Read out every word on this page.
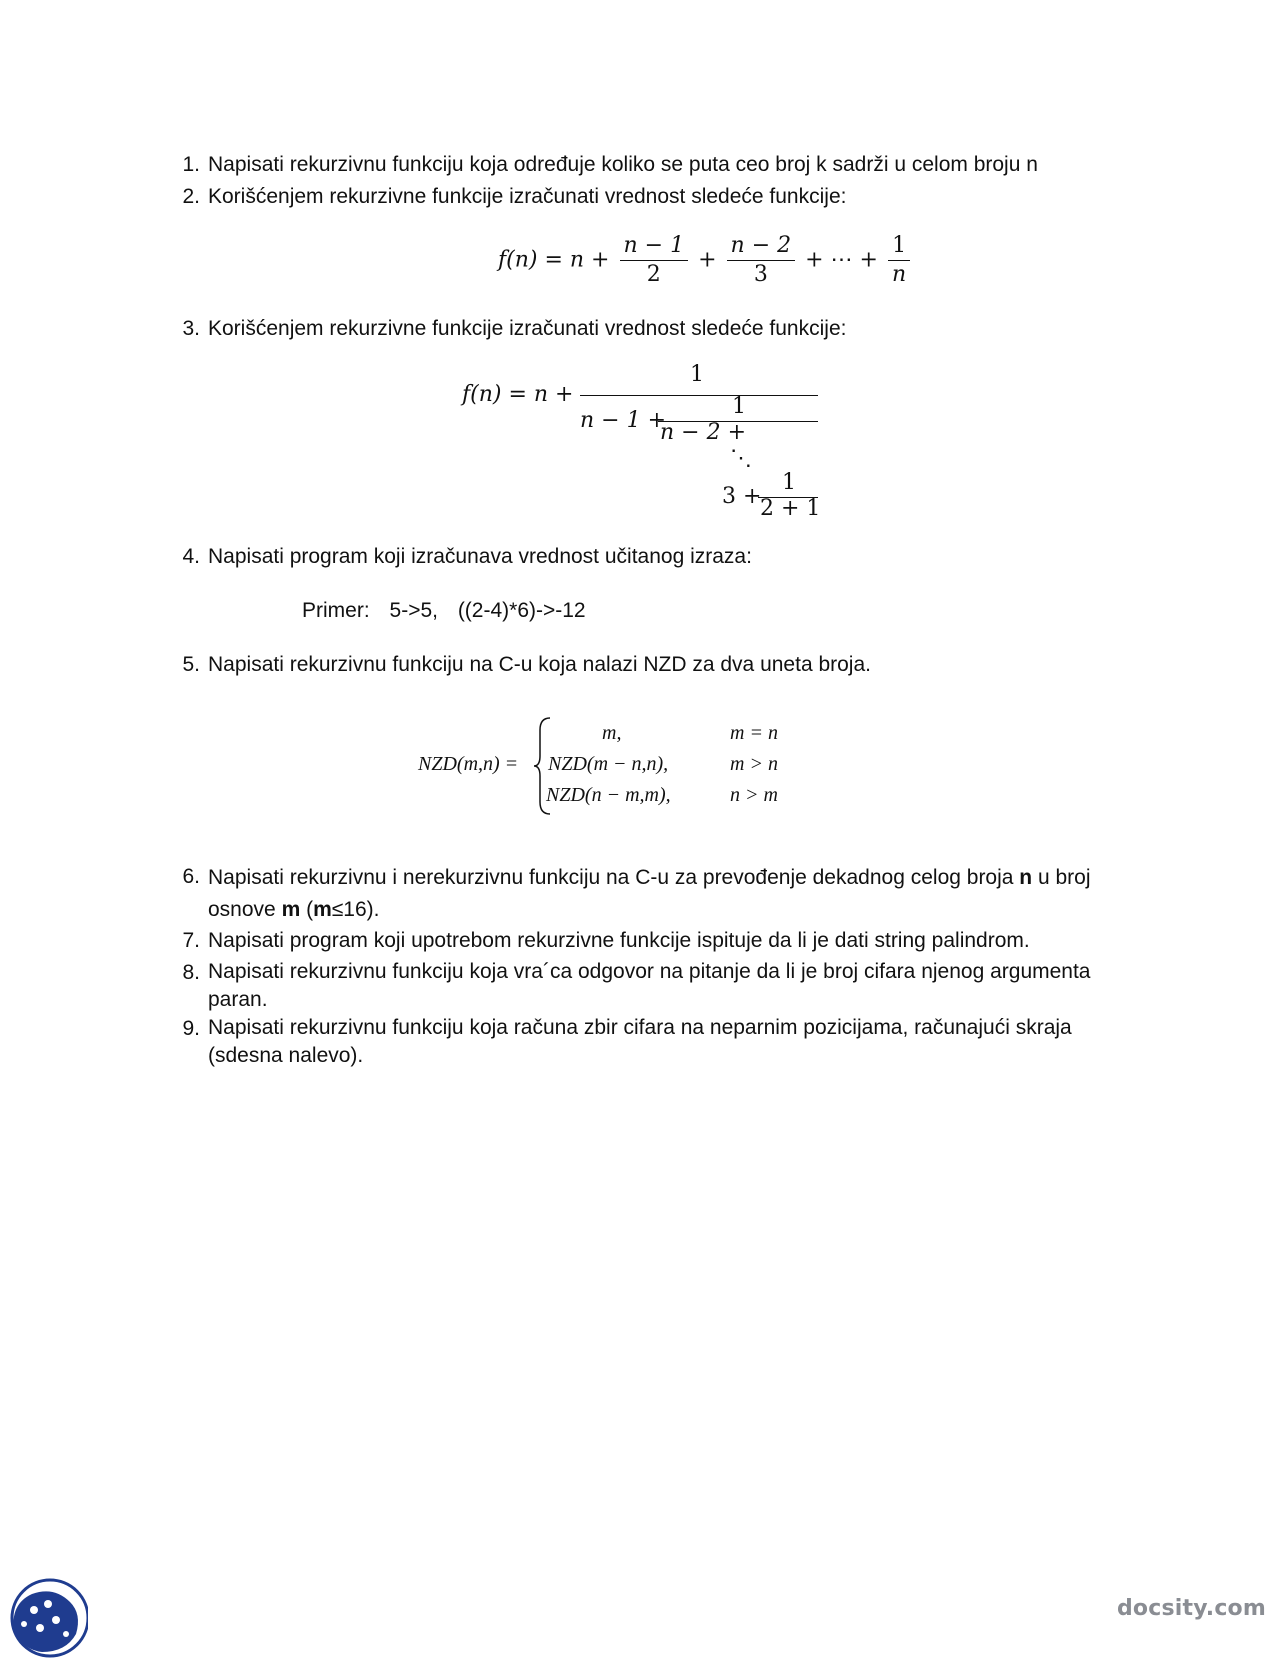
1. Napisati rekurzivnu funkciju koja određuje koliko se puta ceo broj k sadrži u celom broju n
2. Korišćenjem rekurzivne funkcije izračunati vrednost sledeće funkcije:
$f(n) = n + \frac{n - 1}{2} + \frac{n - 2}{3}$ + ⋯ + $\frac{1}{n}$
3. Korišćenjem rekurzivne funkcije izračunati vrednost sledeće funkcije:
f(n) = n +
1
n − 1 +
1
n − 2 +
⋱
3 +
1
2 + 1
4. Napisati program koji izračunava vrednost učitanog izraza:
Primer: 5->5, ((2-4)*6)->-12
5. Napisati rekurzivnu funkciju na C-u koja nalazi NZD za dva uneta broja.
NZD(m,n) =
m,	m = n
NZD(m − n,n),	m > n
NZD(n − m,m),	n > m
6. Napisati rekurzivnu i nerekurzivnu funkciju na C-u za prevođenje dekadnog celog broja n u broj
osnove m (m≤16).
7. Napisati program koji upotrebom rekurzivne funkcije ispituje da li je dati string palindrom.
8. Napisati rekurzivnu funkciju koja vra´ca odgovor na pitanje da li je broj cifara njenog argumenta paran.
9. Napisati rekurzivnu funkciju koja računa zbir cifara na neparnim pozicijama, računajući skraja (sdesna nalevo).
docsity.com
